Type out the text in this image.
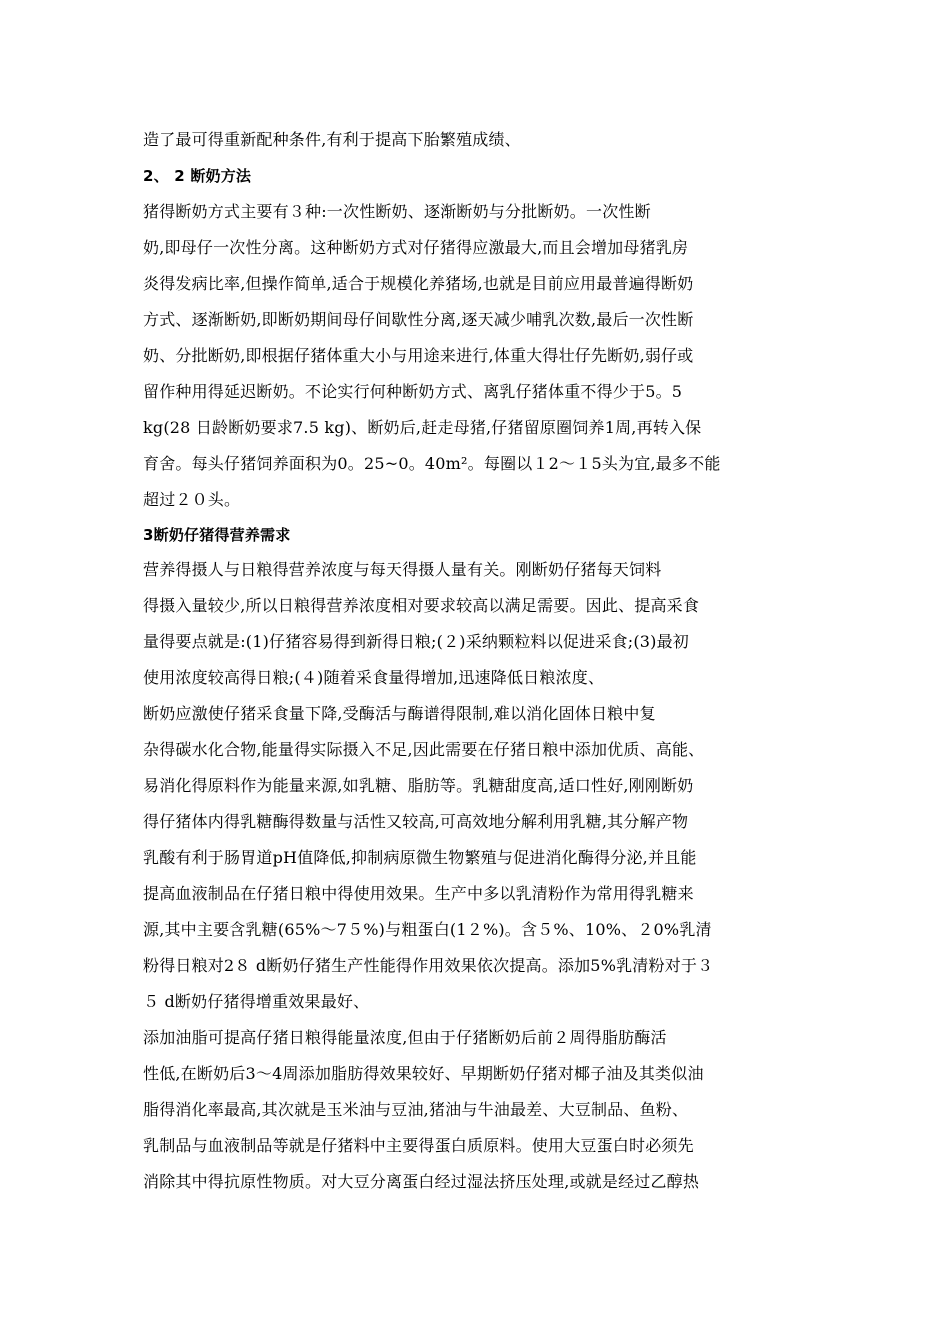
造了最可得重新配种条件,有利于提高下胎繁殖成绩、
2、 2 断奶方法
猪得断奶方式主要有３种:一次性断奶、逐渐断奶与分批断奶。一次性断
奶,即母仔一次性分离。这种断奶方式对仔猪得应激最大,而且会增加母猪乳房
炎得发病比率,但操作简单,适合于规模化养猪场,也就是目前应用最普遍得断奶
方式、逐渐断奶,即断奶期间母仔间歇性分离,逐天减少哺乳次数,最后一次性断
奶、分批断奶,即根据仔猪体重大小与用途来进行,体重大得壮仔先断奶,弱仔或
留作种用得延迟断奶。不论实行何种断奶方式、离乳仔猪体重不得少于5。5
kg(28 日龄断奶要求7.5 kg)、断奶后,赶走母猪,仔猪留原圈饲养1周,再转入保
育舍。每头仔猪饲养面积为0。25~0。40m²。每圈以１2～１5头为宜,最多不能
超过２０头。
3断奶仔猪得营养需求
营养得摄人与日粮得营养浓度与每天得摄人量有关。刚断奶仔猪每天饲料
得摄入量较少,所以日粮得营养浓度相对要求较高以满足需要。因此、提高采食
量得要点就是:(1)仔猪容易得到新得日粮;(２)采纳颗粒料以促进采食;(3)最初
使用浓度较高得日粮;(４)随着采食量得增加,迅速降低日粮浓度、
断奶应激使仔猪采食量下降,受酶活与酶谱得限制,难以消化固体日粮中复
杂得碳水化合物,能量得实际摄入不足,因此需要在仔猪日粮中添加优质、高能、
易消化得原料作为能量来源,如乳糖、脂肪等。乳糖甜度高,适口性好,刚刚断奶
得仔猪体内得乳糖酶得数量与活性又较高,可高效地分解利用乳糖,其分解产物
乳酸有利于肠胃道pH值降低,抑制病原微生物繁殖与促进消化酶得分泌,并且能
提高血液制品在仔猪日粮中得使用效果。生产中多以乳清粉作为常用得乳糖来
源,其中主要含乳糖(65%～7５%)与粗蛋白(1２%)。含５%、10%、２0%乳清
粉得日粮对2８ d断奶仔猪生产性能得作用效果依次提高。添加5%乳清粉对于３
５ d断奶仔猪得增重效果最好、
添加油脂可提高仔猪日粮得能量浓度,但由于仔猪断奶后前２周得脂肪酶活
性低,在断奶后3～4周添加脂肪得效果较好、早期断奶仔猪对椰子油及其类似油
脂得消化率最高,其次就是玉米油与豆油,猪油与牛油最差、大豆制品、鱼粉、
乳制品与血液制品等就是仔猪料中主要得蛋白质原料。使用大豆蛋白时必须先
消除其中得抗原性物质。对大豆分离蛋白经过湿法挤压处理,或就是经过乙醇热
